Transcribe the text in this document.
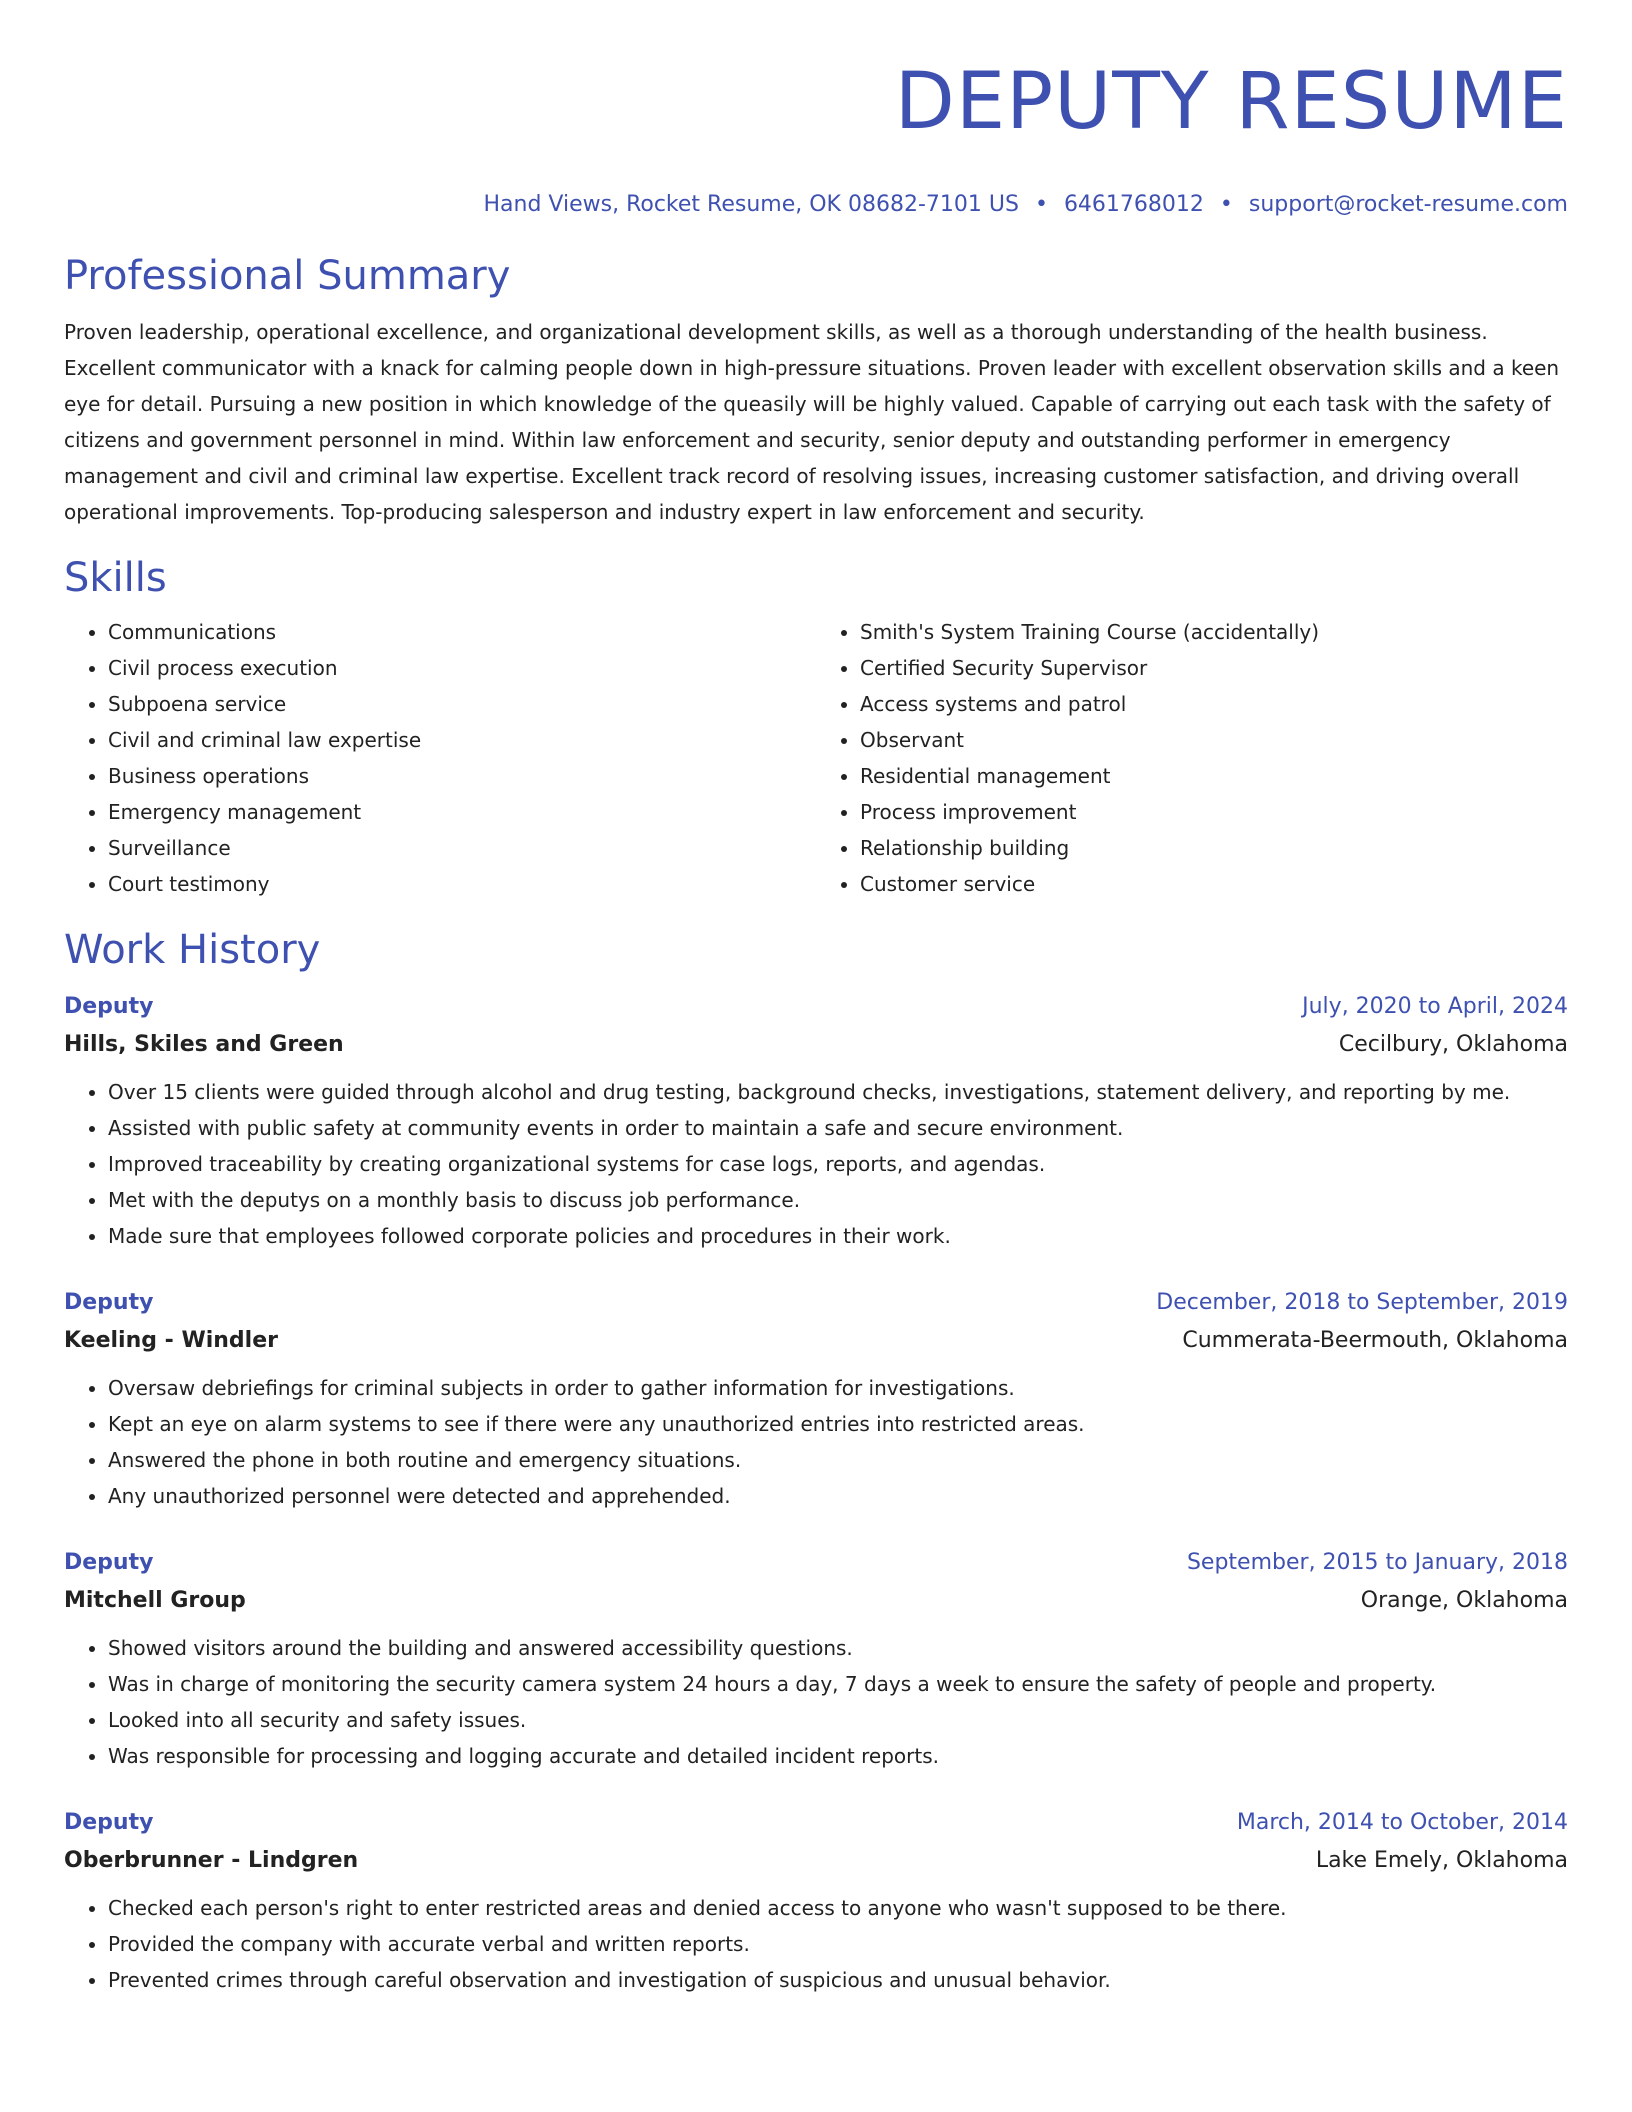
DEPUTY RESUME
Hand Views, Rocket Resume, OK 08682-7101 US • 6461768012 • support@rocket-resume.com
Professional Summary

Proven leadership, operational excellence, and organizational development skills, as well as a thorough understanding of the health business. Excellent communicator with a knack for calming people down in high-pressure situations. Proven leader with excellent observation skills and a keen eye for detail. Pursuing a new position in which knowledge of the queasily will be highly valued. Capable of carrying out each task with the safety of citizens and government personnel in mind. Within law enforcement and security, senior deputy and outstanding performer in emergency management and civil and criminal law expertise. Excellent track record of resolving issues, increasing customer satisfaction, and driving overall operational improvements. Top-producing salesperson and industry expert in law enforcement and security.

Skills
• Communications
• Civil process execution
• Subpoena service
• Civil and criminal law expertise
• Business operations
• Emergency management
• Surveillance
• Court testimony
• Smith's System Training Course (accidentally)
• Certified Security Supervisor
• Access systems and patrol
• Observant
• Residential management
• Process improvement
• Relationship building
• Customer service
Work History
Deputy	July, 2020 to April, 2024
Hills, Skiles and Green	Cecilbury, Oklahoma
• Over 15 clients were guided through alcohol and drug testing, background checks, investigations, statement delivery, and reporting by me.
• Assisted with public safety at community events in order to maintain a safe and secure environment.
• Improved traceability by creating organizational systems for case logs, reports, and agendas.
• Met with the deputys on a monthly basis to discuss job performance.
• Made sure that employees followed corporate policies and procedures in their work.
Deputy	December, 2018 to September, 2019
Keeling - Windler	Cummerata-Beermouth, Oklahoma
• Oversaw debriefings for criminal subjects in order to gather information for investigations.
• Kept an eye on alarm systems to see if there were any unauthorized entries into restricted areas.
• Answered the phone in both routine and emergency situations.
• Any unauthorized personnel were detected and apprehended.
Deputy	September, 2015 to January, 2018
Mitchell Group	Orange, Oklahoma
• Showed visitors around the building and answered accessibility questions.
• Was in charge of monitoring the security camera system 24 hours a day, 7 days a week to ensure the safety of people and property.
• Looked into all security and safety issues.
• Was responsible for processing and logging accurate and detailed incident reports.
Deputy	March, 2014 to October, 2014
Oberbrunner - Lindgren	Lake Emely, Oklahoma
• Checked each person's right to enter restricted areas and denied access to anyone who wasn't supposed to be there.
• Provided the company with accurate verbal and written reports.
• Prevented crimes through careful observation and investigation of suspicious and unusual behavior.
